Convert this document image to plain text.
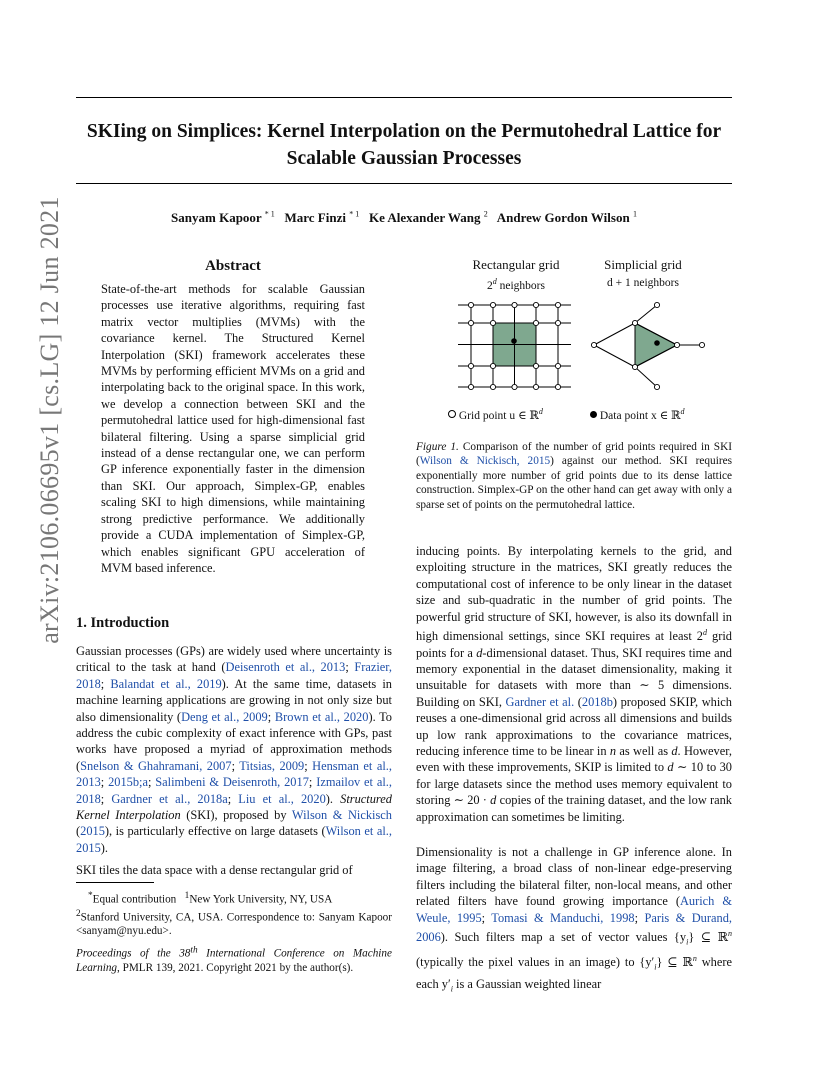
SKIing on Simplices: Kernel Interpolation on the Permutohedral Lattice for
Scalable Gaussian Processes
Sanyam Kapoor $^{* 1}$ Marc Finzi $^{* 1}$ Ke Alexander Wang $^2$ Andrew Gordon Wilson $^1$
arXiv:2106.06695v1 [cs.LG] 12 Jun 2021	Abstract
State-of-the-art methods for scalable Gaussian processes use iterative algorithms, requiring fast matrix vector multiplies (MVMs) with the covariance kernel. The Structured Kernel Interpolation (SKI) framework accelerates these MVMs by performing efficient MVMs on a grid and interpolating back to the original space. In this work, we develop a connection between SKI and the permutohedral lattice used for high-dimensional fast bilateral filtering. Using a sparse simplicial grid instead of a dense rectangular one, we can perform GP inference exponentially faster in the dimension than SKI. Our approach, Simplex-GP, enables scaling SKI to high dimensions, while maintaining strong predictive performance. We additionally provide a CUDA implementation of Simplex-GP, which enables significant GPU acceleration of MVM based inference.
1. Introduction

Gaussian processes (GPs) are widely used where uncertainty is critical to the task at hand (Deisenroth et al., 2013; Frazier, 2018; Balandat et al., 2019). At the same time, datasets in machine learning applications are growing in not only size but also dimensionality (Deng et al., 2009; Brown et al., 2020). To address the cubic complexity of exact inference with GPs, past works have proposed a myriad of approximation methods (Snelson & Ghahramani, 2007; Titsias, 2009; Hensman et al., 2013; 2015b;a; Salimbeni & Deisenroth, 2017; Izmailov et al., 2018; Gardner et al., 2018a; Liu et al., 2020). Structured Kernel Interpolation (SKI), proposed by Wilson & Nickisch (2015), is particularly effective on large datasets (Wilson et al., 2015).

SKI tiles the data space with a dense rectangular grid of
*Equal contribution $^1$New York University, NY, USA
$^2$Stanford University, CA, USA. Correspondence to: Sanyam Kapoor <sanyam@nyu.edu>.
Proceedings of the 38th International Conference on Machine Learning, PMLR 139, 2021. Copyright 2021 by the author(s).
Rectangular grid
2$^d$ neighbors
Simplicial grid
d + 1 neighbors
Grid point u ∈ ℝ$^d$	Data point x ∈ ℝ$^d$
Figure 1. Comparison of the number of grid points required in SKI (Wilson & Nickisch, 2015) against our method. SKI requires exponentially more number of grid points due to its dense lattice construction. Simplex-GP on the other hand can get away with only a sparse set of points on the permutohedral lattice.

inducing points. By interpolating kernels to the grid, and exploiting structure in the matrices, SKI greatly reduces the computational cost of inference to be only linear in the dataset size and sub-quadratic in the number of grid points. The powerful grid structure of SKI, however, is also its downfall in high dimensional settings, since SKI requires at least 2$^d$ grid points for a d-dimensional dataset. Thus, SKI requires time and memory exponential in the dataset dimensionality, making it unsuitable for datasets with more than ∼ 5 dimensions. Building on SKI, Gardner et al. (2018b) proposed SKIP, which reuses a one-dimensional grid across all dimensions and builds up low rank approximations to the covariance matrices, reducing inference time to be linear in n as well as d. However, even with these improvements, SKIP is limited to d ∼ 10 to 30 for large datasets since the method uses memory equivalent to storing ∼ 20 · d copies of the training dataset, and the low rank approximation can sometimes be limiting.

Dimensionality is not a challenge in GP inference alone. In image filtering, a broad class of non-linear edge-preserving filters including the bilateral filter, non-local means, and other related filters have found growing importance (Aurich & Weule, 1995; Tomasi & Manduchi, 1998; Paris & Durand, 2006). Such filters map a set of vector values $\{y_i\}$ ⊆ ℝ$^n$ (typically the pixel values in an image) to $\{y'_i\}$ ⊆ ℝ$^n$ where each $y'_i$ is a Gaussian weighted linear
